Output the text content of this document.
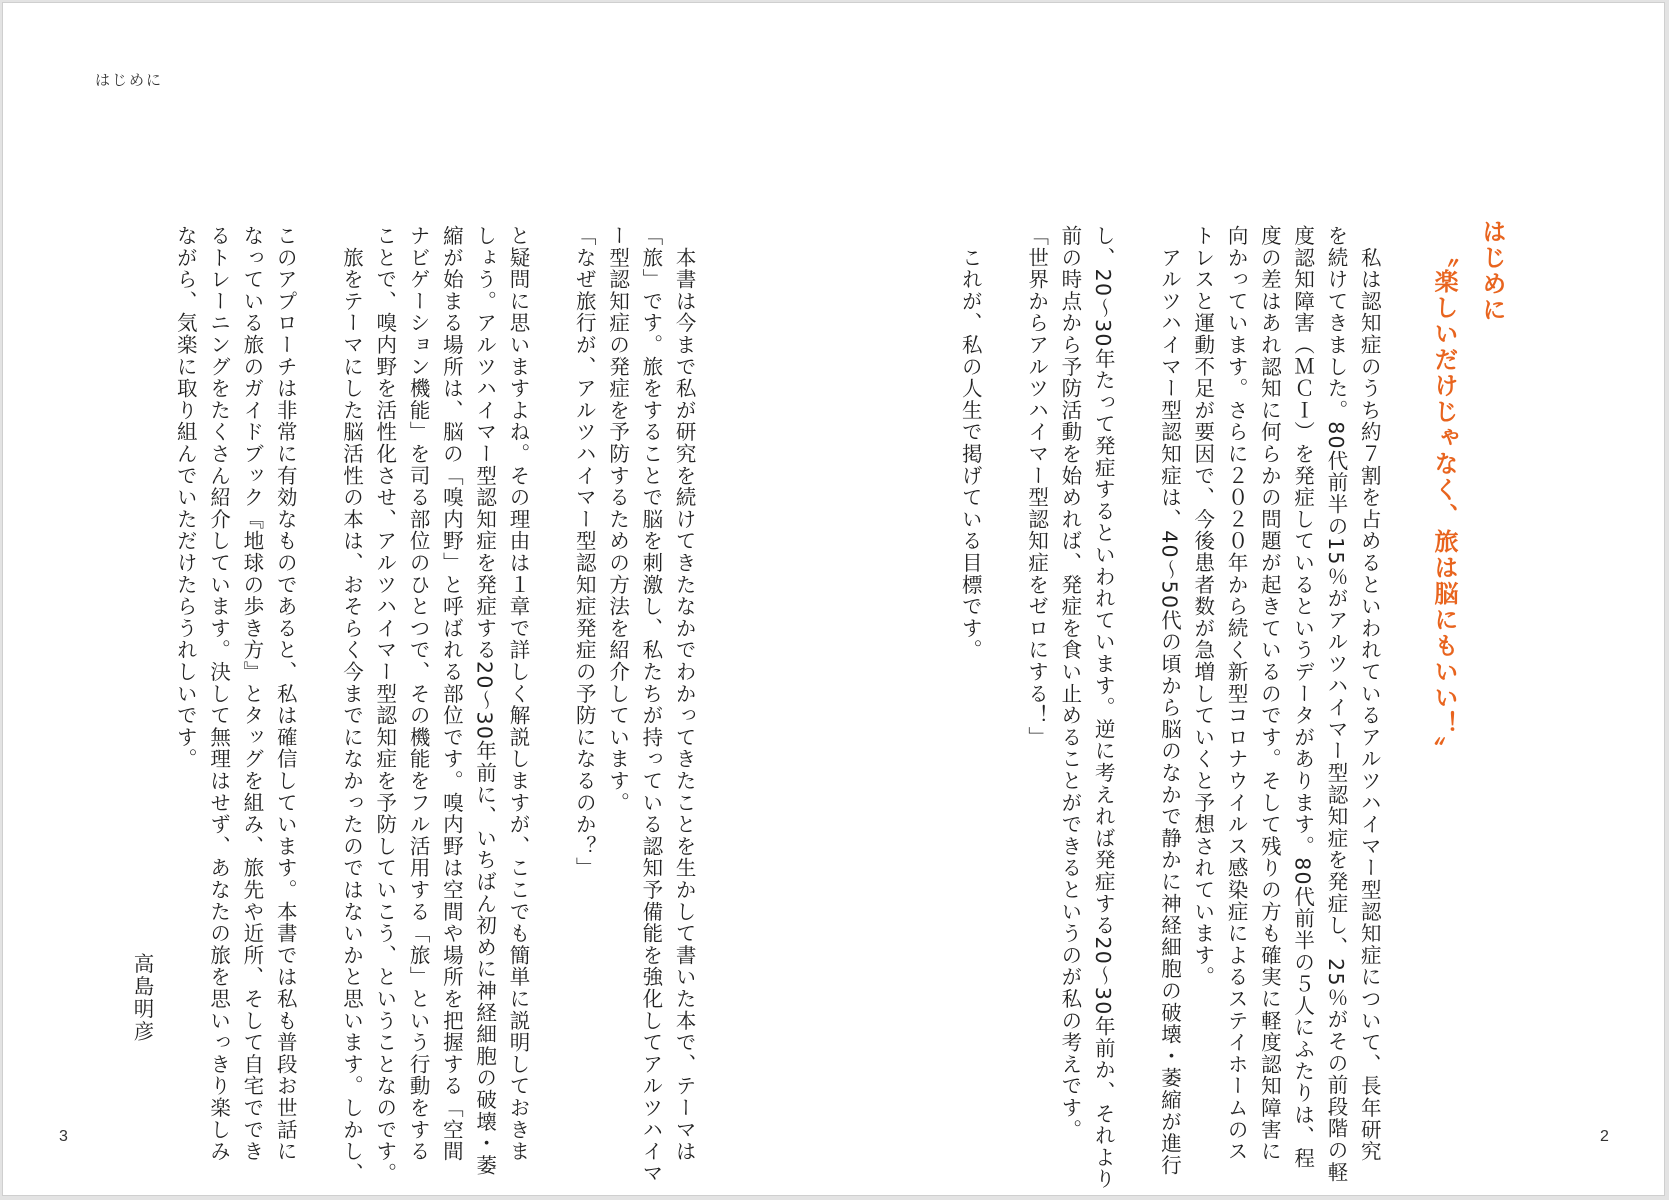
はじめに
はじめに
〝楽しいだけじゃなく、旅は脳にもいい！〟

　私は認知症のうち約７割を占めるといわれているアルツハイマー型認知症について、長年研究

を続けてきました。80代前半の15％がアルツハイマー型認知症を発症し、25％がその前段階の軽

度認知障害（ＭＣＩ）を発症しているというデータがあります。80代前半の５人にふたりは、程

度の差はあれ認知に何らかの問題が起きているのです。そして残りの方も確実に軽度認知障害に

向かっています。さらに２０２０年から続く新型コロナウイルス感染症によるステイホームのス

トレスと運動不足が要因で、今後患者数が急増していくと予想されています。

　アルツハイマー型認知症は、40～50代の頃から脳のなかで静かに神経細胞の破壊・萎縮が進行

し、20～30年たって発症するといわれています。逆に考えれば発症する20～30年前か、それより

前の時点から予防活動を始めれば、発症を食い止めることができるというのが私の考えです。

「世界からアルツハイマー型認知症をゼロにする！」

　これが、私の人生で掲げている目標です。

　本書は今まで私が研究を続けてきたなかでわかってきたことを生かして書いた本で、テーマは

「旅」です。旅をすることで脳を刺激し、私たちが持っている認知予備能を強化してアルツハイマ

ー型認知症の発症を予防するための方法を紹介しています。

「なぜ旅行が、アルツハイマー型認知症発症の予防になるのか？」

と疑問に思いますよね。その理由は１章で詳しく解説しますが、ここでも簡単に説明しておきま

しょう。アルツハイマー型認知症を発症する20～30年前に、いちばん初めに神経細胞の破壊・萎

縮が始まる場所は、脳の「嗅内野」と呼ばれる部位です。嗅内野は空間や場所を把握する「空間

ナビゲーション機能」を司る部位のひとつで、その機能をフル活用する「旅」という行動をする

ことで、嗅内野を活性化させ、アルツハイマー型認知症を予防していこう、ということなのです。

　旅をテーマにした脳活性の本は、おそらく今までになかったのではないかと思います。しかし、

このアプローチは非常に有効なものであると、私は確信しています。本書では私も普段お世話に

なっている旅のガイドブック『地球の歩き方』とタッグを組み、旅先や近所、そして自宅ででき

るトレーニングをたくさん紹介しています。決して無理はせず、あなたの旅を思いっきり楽しみ

ながら、気楽に取り組んでいただけたらうれしいです。

高島明彦
3	2
